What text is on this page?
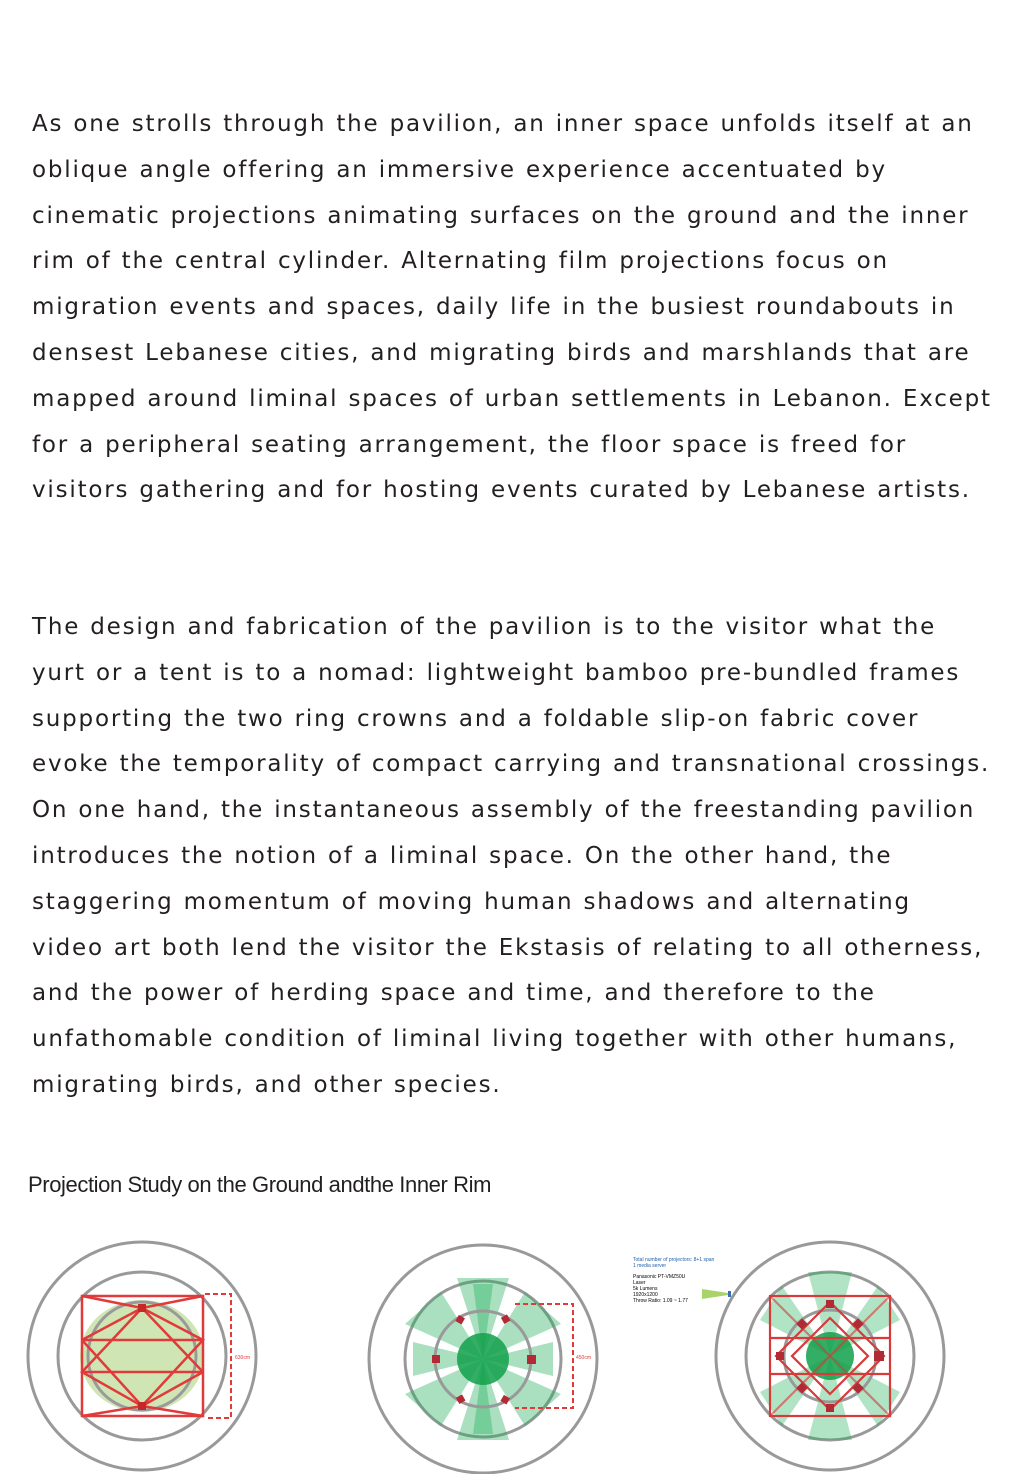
As one strolls through the pavilion, an inner space unfolds itself at an oblique angle offering an immersive experience accentuated by cinematic projections animating surfaces on the ground and the inner rim of the central cylinder. Alternating film projections focus on migration events and spaces, daily life in the busiest roundabouts in densest Lebanese cities, and migrating birds and marshlands that are mapped around liminal spaces of urban settlements in Lebanon. Except for a peripheral seating arrangement, the floor space is freed for visitors gathering and for hosting events curated by Lebanese artists.

The design and fabrication of the pavilion is to the visitor what the yurt or a tent is to a nomad: lightweight bamboo pre-bundled frames supporting the two ring crowns and a foldable slip-on fabric cover evoke the temporality of compact carrying and transnational crossings. On one hand, the instantaneous assembly of the freestanding pavilion introduces the notion of a liminal space. On the other hand, the staggering momentum of moving human shadows and alternating video art both lend the visitor the Ekstasis of relating to all otherness, and the power of herding space and time, and therefore to the unfathomable condition of liminal living together with other humans, migrating birds, and other species.

Projection Study on the Ground andthe Inner Rim
630cm	450cm
Total number of projectors: 8+1 span
1 media server
Panasonic PT-VMZ50U
Laser
5k Lumens
1920x1200
Throw Ratio: 1.09 ~ 1.77
